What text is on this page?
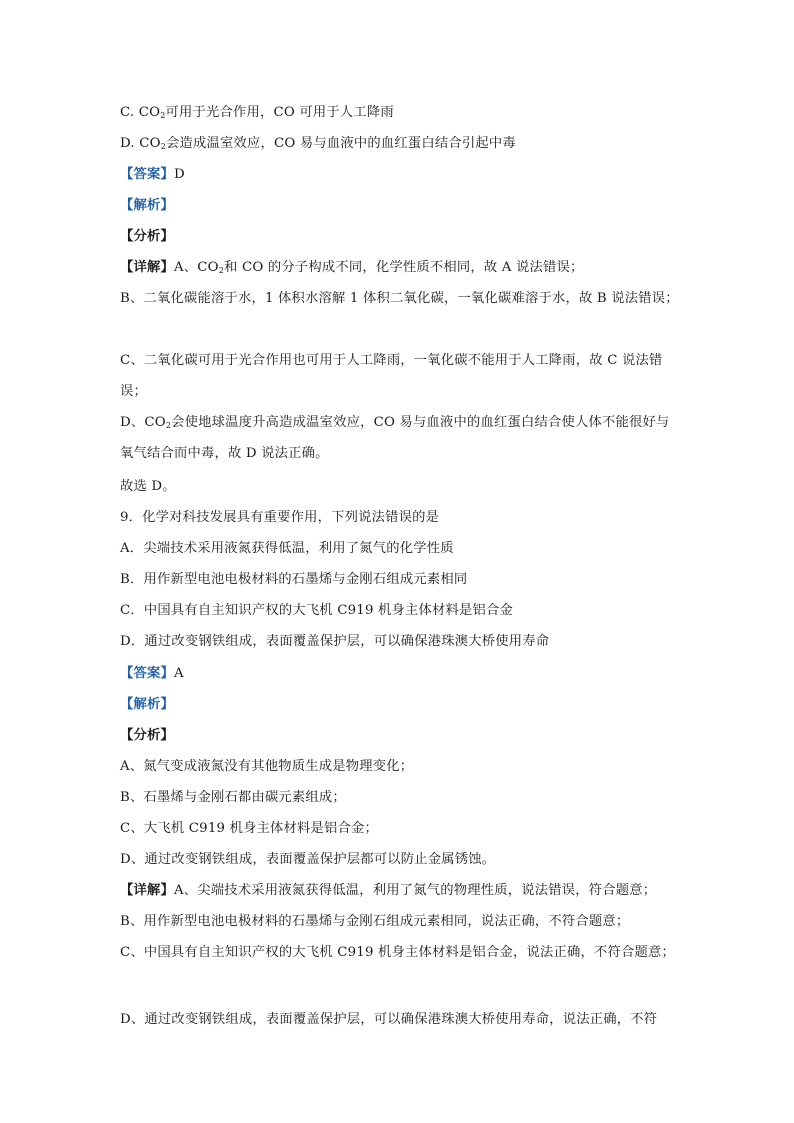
C. $CO_2$可用于光合作用，CO 可用于人工降雨
D. $CO_2$会造成温室效应，CO 易与血液中的血红蛋白结合引起中毒
【答案】D
【解析】
【分析】
【详解】A、$CO_2$和 CO 的分子构成不同，化学性质不相同，故 A 说法错误；
B、二氧化碳能溶于水，1 体积水溶解 1 体积二氧化碳，一氧化碳难溶于水，故 B 说法错误；
C、二氧化碳可用于光合作用也可用于人工降雨，一氧化碳不能用于人工降雨，故 C 说法错
误；
D、$CO_2$会使地球温度升高造成温室效应，CO 易与血液中的血红蛋白结合使人体不能很好与
氧气结合而中毒，故 D 说法正确。
故选 D。
9．化学对科技发展具有重要作用，下列说法错误的是
A．尖端技术采用液氮获得低温，利用了氮气的化学性质
B．用作新型电池电极材料的石墨烯与金刚石组成元素相同
C．中国具有自主知识产权的大飞机 C919 机身主体材料是铝合金
D．通过改变钢铁组成，表面覆盖保护层，可以确保港珠澳大桥使用寿命
【答案】A
【解析】
【分析】
A、氮气变成液氮没有其他物质生成是物理变化；
B、石墨烯与金刚石都由碳元素组成；
C、大飞机 C919 机身主体材料是铝合金；
D、通过改变钢铁组成，表面覆盖保护层都可以防止金属锈蚀。
【详解】A、尖端技术采用液氮获得低温，利用了氮气的物理性质，说法错误，符合题意；
B、用作新型电池电极材料的石墨烯与金刚石组成元素相同，说法正确，不符合题意；
C、中国具有自主知识产权的大飞机 C919 机身主体材料是铝合金，说法正确，不符合题意；
D、通过改变钢铁组成，表面覆盖保护层，可以确保港珠澳大桥使用寿命，说法正确，不符
